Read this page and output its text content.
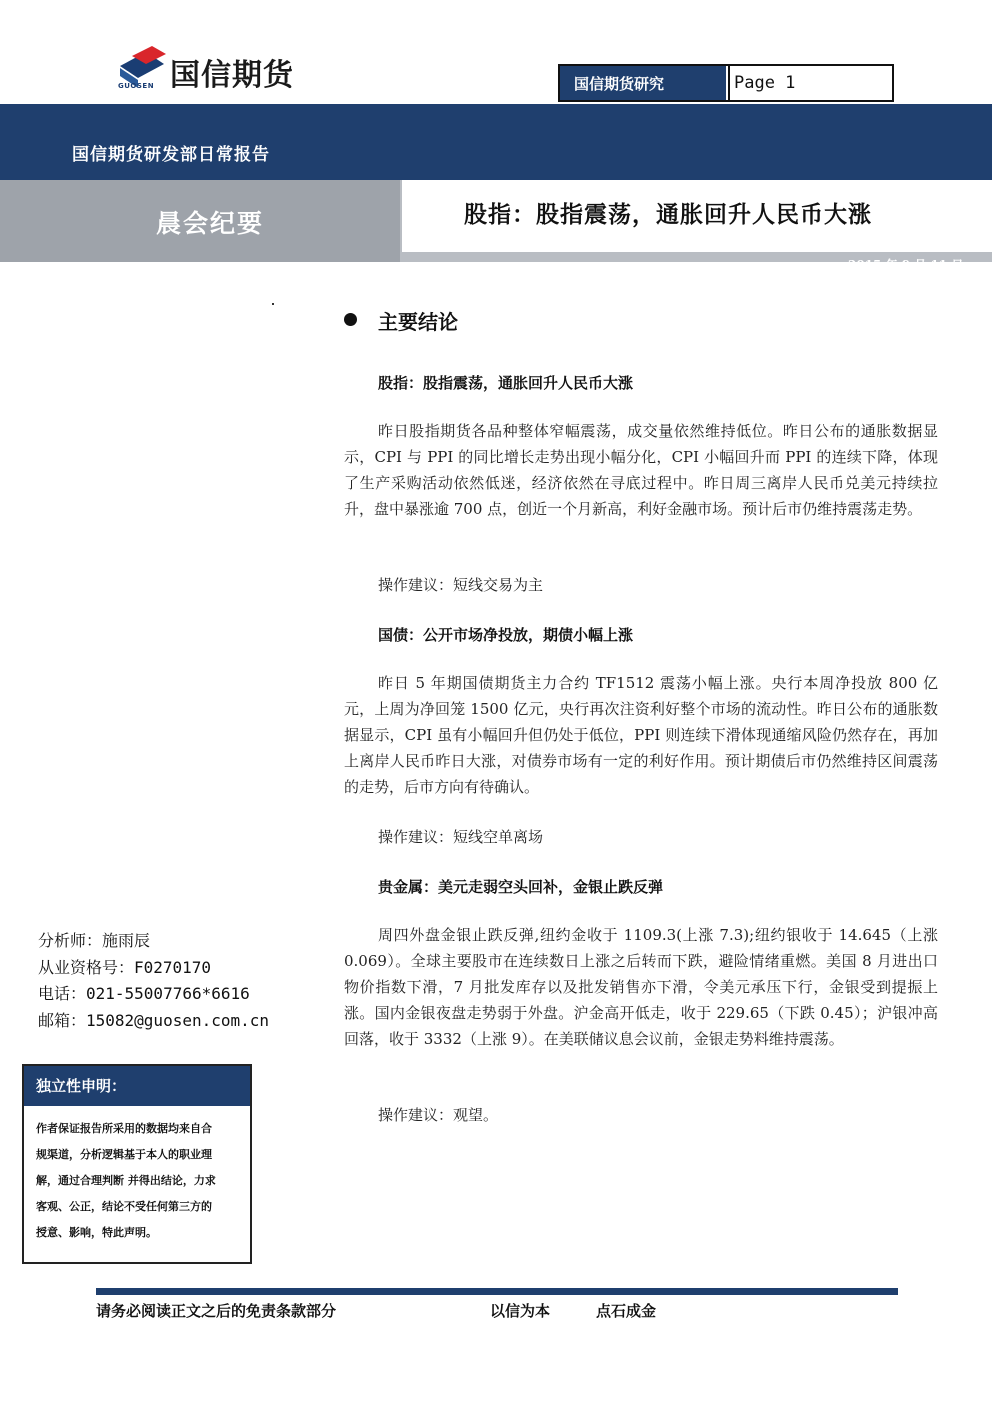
国信期货
GUOSEN	国信期货研究	Page 1
国信期货研发部日常报告
晨会纪要	股指：股指震荡，通胀回升人民币大涨
2015 年 9 月 11 日
主要结论
股指：股指震荡，通胀回升人民币大涨
昨日股指期货各品种整体窄幅震荡，成交量依然维持低位。昨日公布的通胀数据显示，CPI 与 PPI 的同比增长走势出现小幅分化，CPI 小幅回升而 PPI 的连续下降，体现了生产采购活动依然低迷，经济依然在寻底过程中。昨日周三离岸人民币兑美元持续拉升，盘中暴涨逾 700 点，创近一个月新高，利好金融市场。预计后市仍维持震荡走势。
操作建议：短线交易为主
国债：公开市场净投放，期债小幅上涨
昨日 5 年期国债期货主力合约 TF1512 震荡小幅上涨。央行本周净投放 800 亿元，上周为净回笼 1500 亿元，央行再次注资利好整个市场的流动性。昨日公布的通胀数据显示，CPI 虽有小幅回升但仍处于低位，PPI 则连续下滑体现通缩风险仍然存在，再加上离岸人民币昨日大涨，对债券市场有一定的利好作用。预计期债后市仍然维持区间震荡的走势，后市方向有待确认。
操作建议：短线空单离场
贵金属：美元走弱空头回补，金银止跌反弹
周四外盘金银止跌反弹,纽约金收于 1109.3(上涨 7.3);纽约银收于 14.645（上涨 0.069）。全球主要股市在连续数日上涨之后转而下跌，避险情绪重燃。美国 8 月进出口物价指数下滑，7 月批发库存以及批发销售亦下滑，令美元承压下行，金银受到提振上涨。国内金银夜盘走势弱于外盘。沪金高开低走，收于 229.65（下跌 0.45）；沪银冲高回落，收于 3332（上涨 9）。在美联储议息会议前，金银走势料维持震荡。
操作建议：观望。
分析师：施雨辰
从业资格号：F0270170
电话：021-55007766*6616
邮箱：15082@guosen.com.cn
独立性申明：
作者保证报告所采用的数据均来自合
规渠道，分析逻辑基于本人的职业理
解，通过合理判断 并得出结论，力求
客观、公正，结论不受任何第三方的
授意、影响，特此声明。
请务必阅读正文之后的免责条款部分	以信为本	点石成金
